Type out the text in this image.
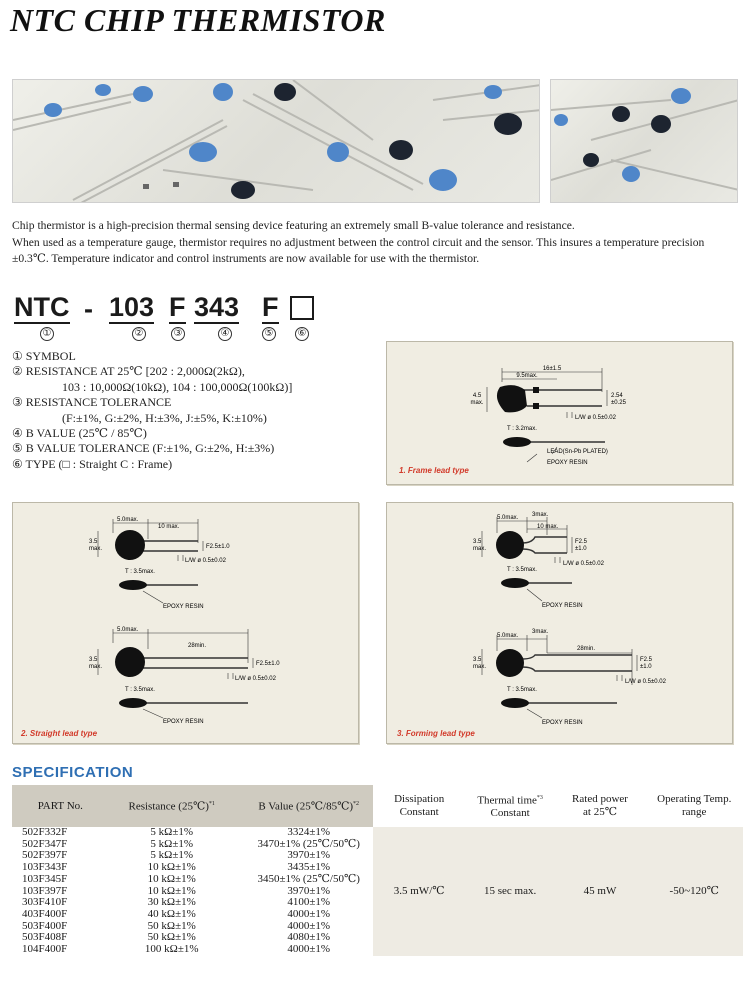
NTC CHIP THERMISTOR
Chip thermistor is a high-precision thermal sensing device featuring an extremely small B-value tolerance and resistance.
When used as a temperature gauge, thermistor requires no adjustment between the control circuit and the sensor. This insures a temperature precision ±0.3℃. Temperature indicator and control instruments are now available for use with the thermistor.
NTC - 103 F 343 F
①	②	③	④	⑤ ⑥
① SYMBOL
② RESISTANCE AT 25℃ [202 : 2,000Ω(2kΩ),
103 : 10,000Ω(10kΩ), 104 : 100,000Ω(100kΩ)]
③ RESISTANCE TOLERANCE
(F:±1%, G:±2%, H:±3%, J:±5%, K:±10%)
④ B VALUE (25℃ / 85℃)
⑤ B VALUE TOLERANCE (F:±1%, G:±2%, H:±3%)
⑥ TYPE (□ : Straight C : Frame)
16±1.5
9.5max.
4.5
max.
2.54
±0.25
L/W ø 0.5±0.02
T : 3.2max.
LEAD(Sn-Pb PLATED)
EPOXY RESIN
1. Frame lead type
5.0max.
10 max.
3.5
max.	F2.5±1.0
L/W ø 0.5±0.02
T : 3.5max.
EPOXY RESIN
5.0max.
28min.
3.5
max.	F2.5±1.0
L/W ø 0.5±0.02
T : 3.5max.
EPOXY RESIN
2. Straight lead type
5.0max. 3max.
10 max.
3.5
max.
F2.5
±1.0
L/W ø 0.5±0.02
T : 3.5max.
EPOXY RESIN
5.0max.
3max.
28min.
3.5
max.
F2.5
±1.0
L/W ø 0.5±0.02
T : 3.5max.
EPOXY RESIN
3. Forming lead type
SPECIFICATION
PART No.	Resistance (25℃)$^{*1}$	B Value (25℃/85℃)$^{*2}$	Dissipation
Constant	Thermal time$^{*3}$
Constant	Rated power
at 25℃	Operating Temp.
range
502F332F	5 kΩ±1%	3324±1%	3.5 mW/℃	15 sec max.	45 mW	-50~120℃
502F347F	5 kΩ±1%	3470±1% (25℃/50℃)				
502F397F	5 kΩ±1%	3970±1%				
103F343F	10 kΩ±1%	3435±1%				
103F345F	10 kΩ±1%	3450±1% (25℃/50℃)				
103F397F	10 kΩ±1%	3970±1%				
303F410F	30 kΩ±1%	4100±1%				
403F400F	40 kΩ±1%	4000±1%				
503F400F	50 kΩ±1%	4000±1%				
503F408F	50 kΩ±1%	4080±1%				
104F400F	100 kΩ±1%	4000±1%				
